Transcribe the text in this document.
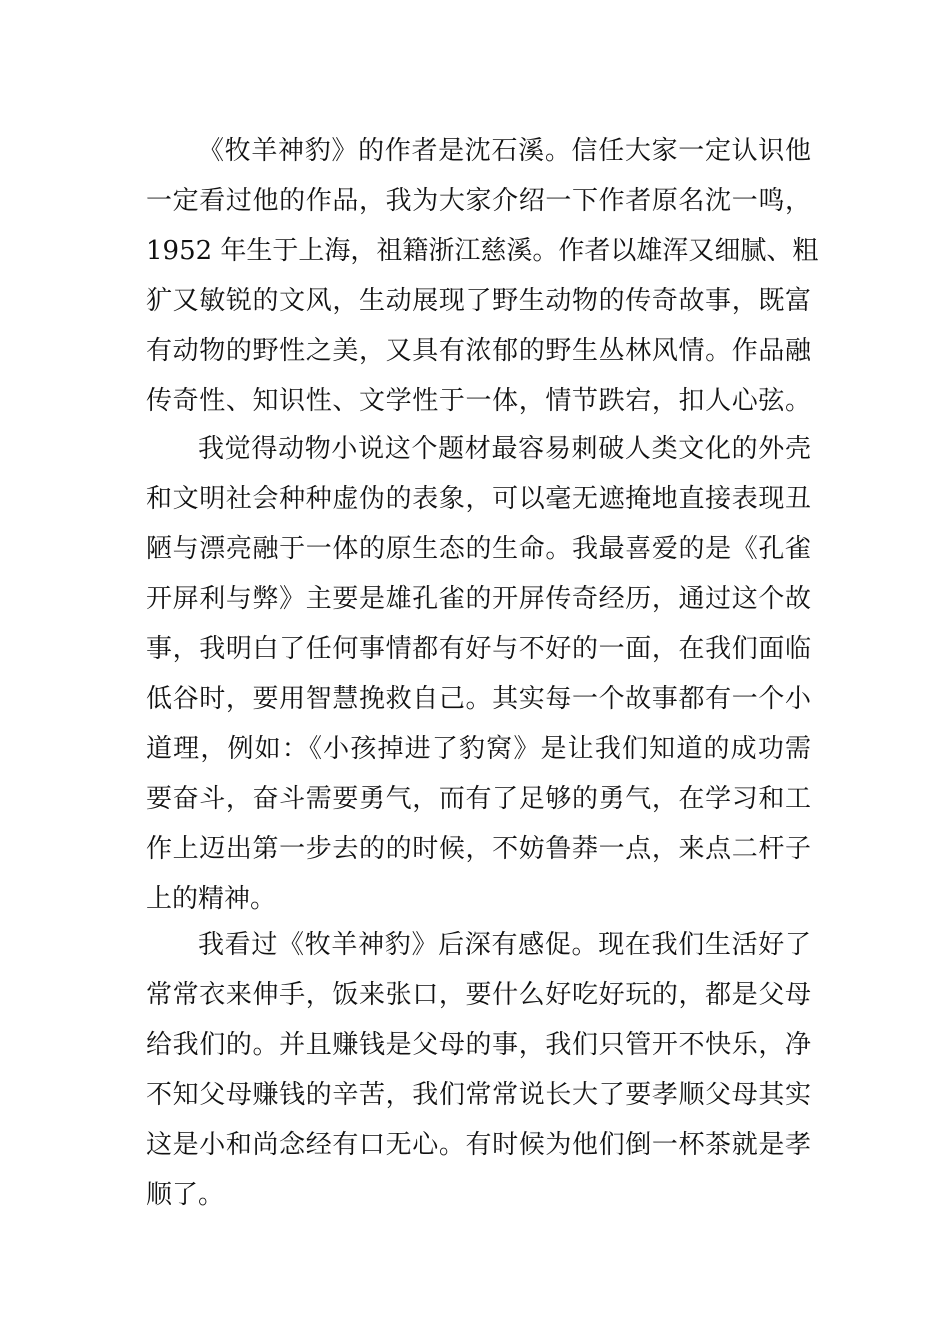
《牧羊神豹》的作者是沈石溪。信任大家一定认识他
一定看过他的作品，我为大家介绍一下作者原名沈一鸣，
1952 年生于上海，祖籍浙江慈溪。作者以雄浑又细腻、粗
犷又敏锐的文风，生动展现了野生动物的传奇故事，既富
有动物的野性之美，又具有浓郁的野生丛林风情。作品融
传奇性、知识性、文学性于一体，情节跌宕，扣人心弦。
我觉得动物小说这个题材最容易刺破人类文化的外壳
和文明社会种种虚伪的表象，可以毫无遮掩地直接表现丑
陋与漂亮融于一体的原生态的生命。我最喜爱的是《孔雀
开屏利与弊》主要是雄孔雀的开屏传奇经历，通过这个故
事，我明白了任何事情都有好与不好的一面，在我们面临
低谷时，要用智慧挽救自己。其实每一个故事都有一个小
道理，例如：《小孩掉进了豹窝》是让我们知道的成功需
要奋斗，奋斗需要勇气，而有了足够的勇气，在学习和工
作上迈出第一步去的的时候，不妨鲁莽一点，来点二杆子
上的精神。
我看过《牧羊神豹》后深有感促。现在我们生活好了
常常衣来伸手，饭来张口，要什么好吃好玩的，都是父母
给我们的。并且赚钱是父母的事，我们只管开不快乐，净
不知父母赚钱的辛苦，我们常常说长大了要孝顺父母其实
这是小和尚念经有口无心。有时候为他们倒一杯茶就是孝
顺了。
